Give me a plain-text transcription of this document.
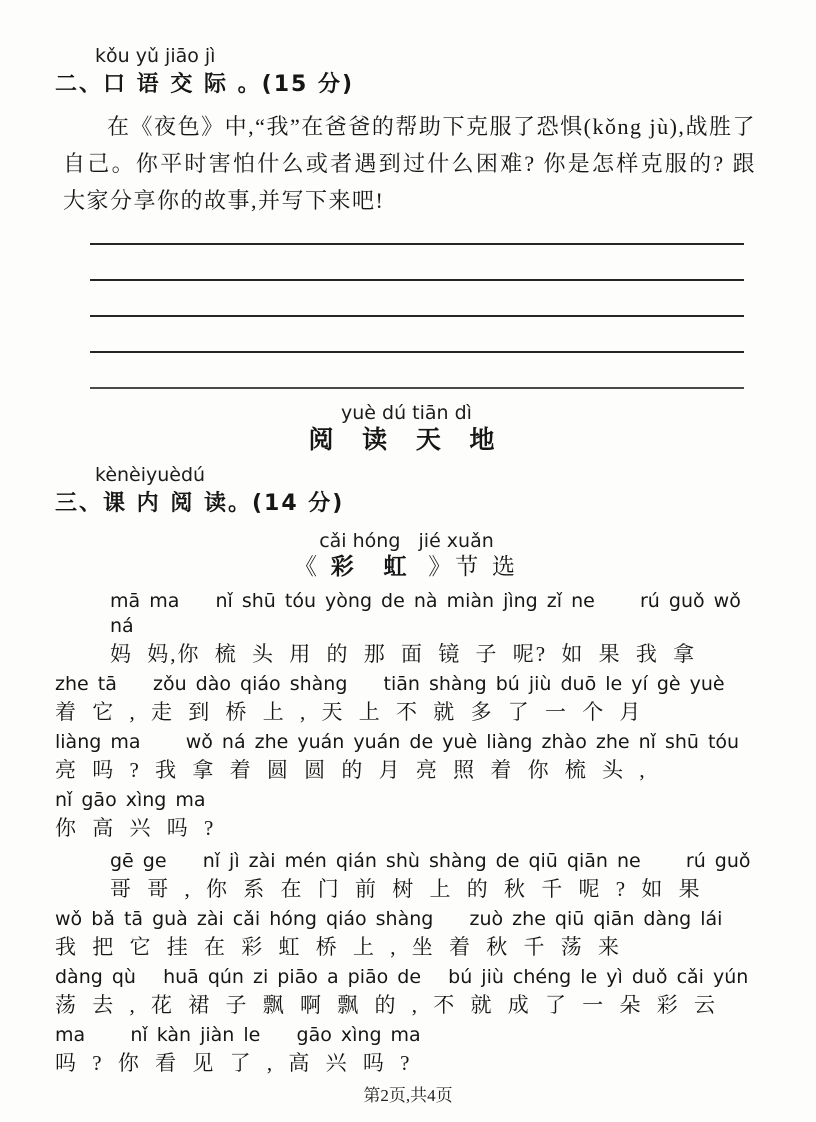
kǒu yǔ jiāo jì
二、口 语 交 际 。(15 分)

在《夜色》中,“我”在爸爸的帮助下克服了恐惧(kǒng jù),战胜了自己。你平时害怕什么或者遇到过什么困难? 你是怎样克服的? 跟大家分享你的故事,并写下来吧!

yuè dú tiān dì
阅 读 天 地
kènèiyuèdú
三、课 内 阅 读。(14 分)
cǎi hóng   jié xuǎn
《 彩 虹 》节 选
mā ma    nǐ shū tóu yòng de nà miàn jìng zǐ ne     rú guǒ wǒ ná
妈 妈,你 梳 头 用 的 那 面 镜 子 呢? 如 果 我 拿
zhe tā    zǒu dào qiáo shàng    tiān shàng bú jiù duō le yí gè yuè
着 它 , 走 到 桥 上 , 天 上 不 就 多 了 一 个 月
liàng ma     wǒ ná zhe yuán yuán de yuè liàng zhào zhe nǐ shū tóu
亮 吗 ? 我 拿 着 圆 圆 的 月 亮 照 着 你 梳 头 ,
nǐ gāo xìng ma
你 高 兴 吗 ?
gē ge    nǐ jì zài mén qián shù shàng de qiū qiān ne     rú guǒ
哥 哥 , 你 系 在 门 前 树 上 的 秋 千 呢 ? 如 果
wǒ bǎ tā guà zài cǎi hóng qiáo shàng    zuò zhe qiū qiān dàng lái
我 把 它 挂 在 彩 虹 桥 上 , 坐 着 秋 千 荡 来
dàng qù   huā qún zi piāo a piāo de   bú jiù chéng le yì duǒ cǎi yún
荡 去 , 花 裙 子 飘 啊 飘 的 , 不 就 成 了 一 朵 彩 云
ma     nǐ kàn jiàn le    gāo xìng ma
吗 ? 你 看 见 了 , 高 兴 吗 ?
第2页,共4页
